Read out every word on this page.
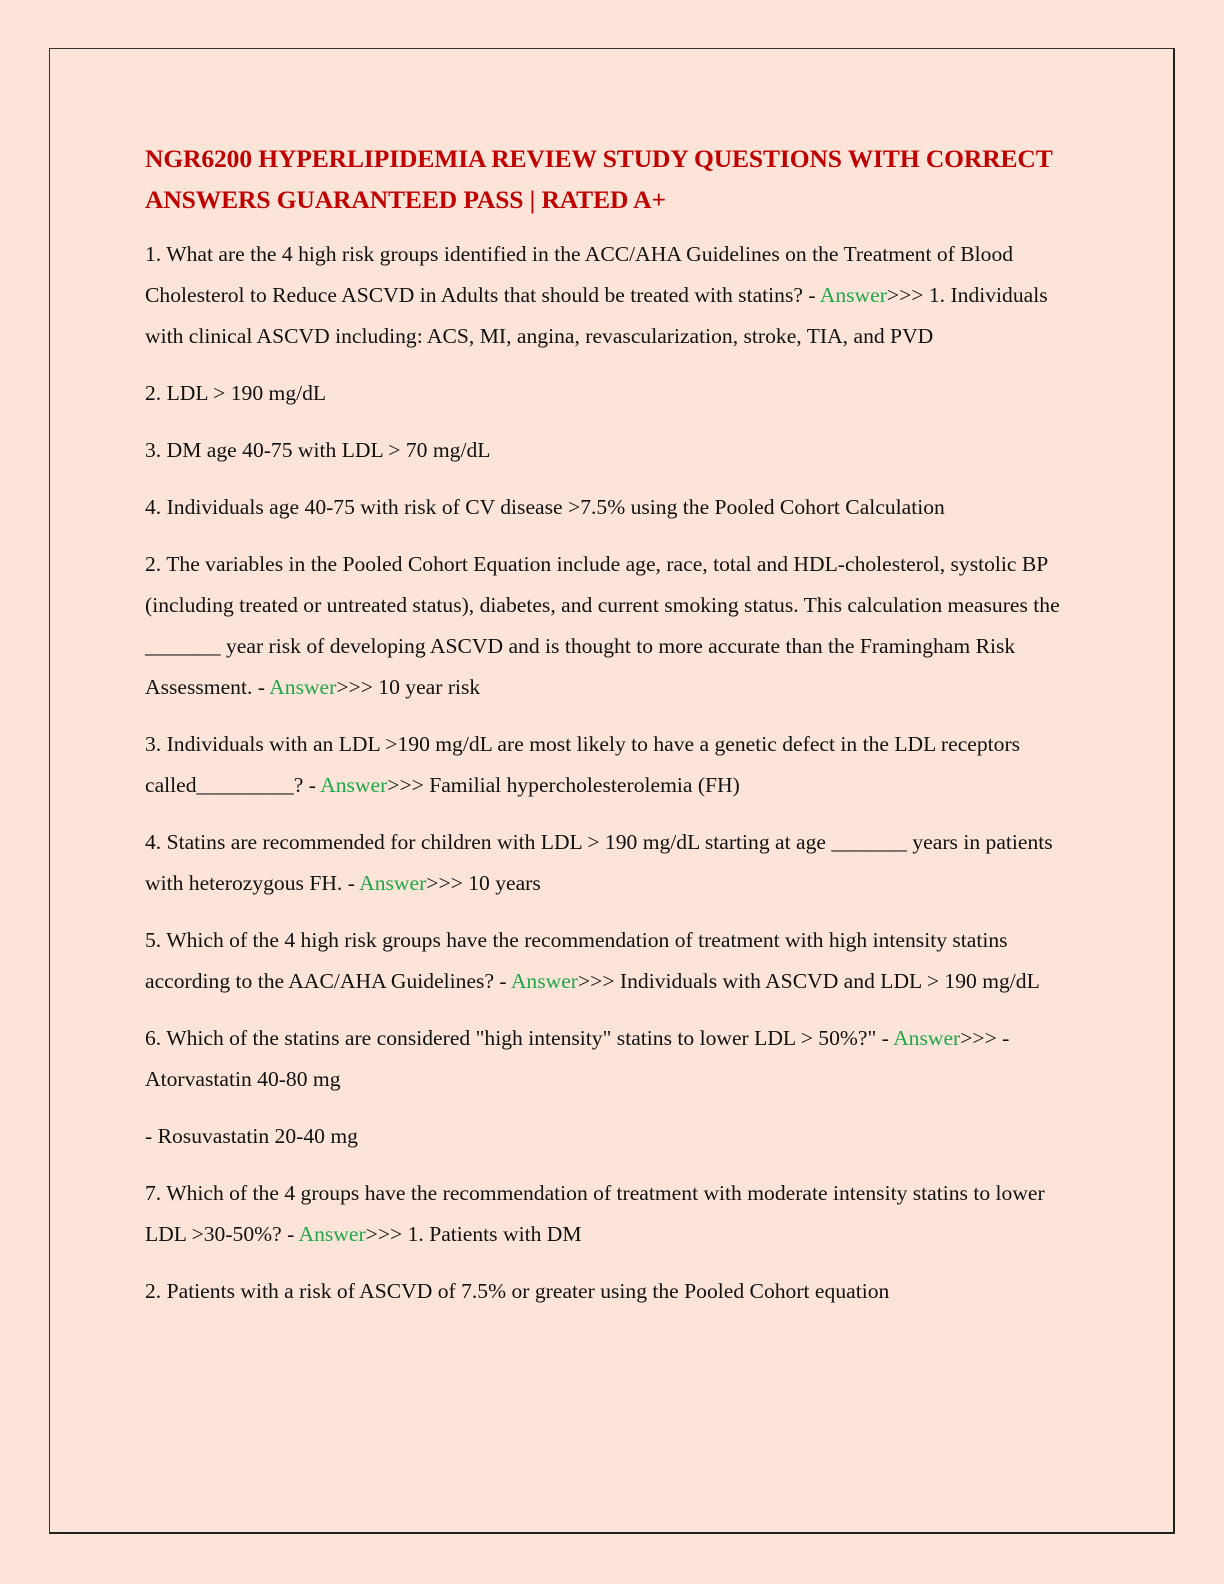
NGR6200 HYPERLIPIDEMIA REVIEW STUDY QUESTIONS WITH CORRECT ANSWERS GUARANTEED PASS | RATED A+

1. What are the 4 high risk groups identified in the ACC/AHA Guidelines on the Treatment of Blood Cholesterol to Reduce ASCVD in Adults that should be treated with statins? - Answer>>> 1. Individuals with clinical ASCVD including: ACS, MI, angina, revascularization, stroke, TIA, and PVD

2. LDL > 190 mg/dL

3. DM age 40-75 with LDL > 70 mg/dL

4. Individuals age 40-75 with risk of CV disease >7.5% using the Pooled Cohort Calculation

2. The variables in the Pooled Cohort Equation include age, race, total and HDL-cholesterol, systolic BP (including treated or untreated status), diabetes, and current smoking status. This calculation measures the _______ year risk of developing ASCVD and is thought to more accurate than the Framingham Risk Assessment. - Answer>>> 10 year risk

3. Individuals with an LDL >190 mg/dL are most likely to have a genetic defect in the LDL receptors called_________? - Answer>>> Familial hypercholesterolemia (FH)

4. Statins are recommended for children with LDL > 190 mg/dL starting at age _______ years in patients with heterozygous FH. - Answer>>> 10 years

5. Which of the 4 high risk groups have the recommendation of treatment with high intensity statins according to the AAC/AHA Guidelines? - Answer>>> Individuals with ASCVD and LDL > 190 mg/dL

6. Which of the statins are considered "high intensity" statins to lower LDL > 50%?" - Answer>>> - Atorvastatin 40-80 mg

- Rosuvastatin 20-40 mg

7. Which of the 4 groups have the recommendation of treatment with moderate intensity statins to lower LDL >30-50%? - Answer>>> 1. Patients with DM

2. Patients with a risk of ASCVD of 7.5% or greater using the Pooled Cohort equation
